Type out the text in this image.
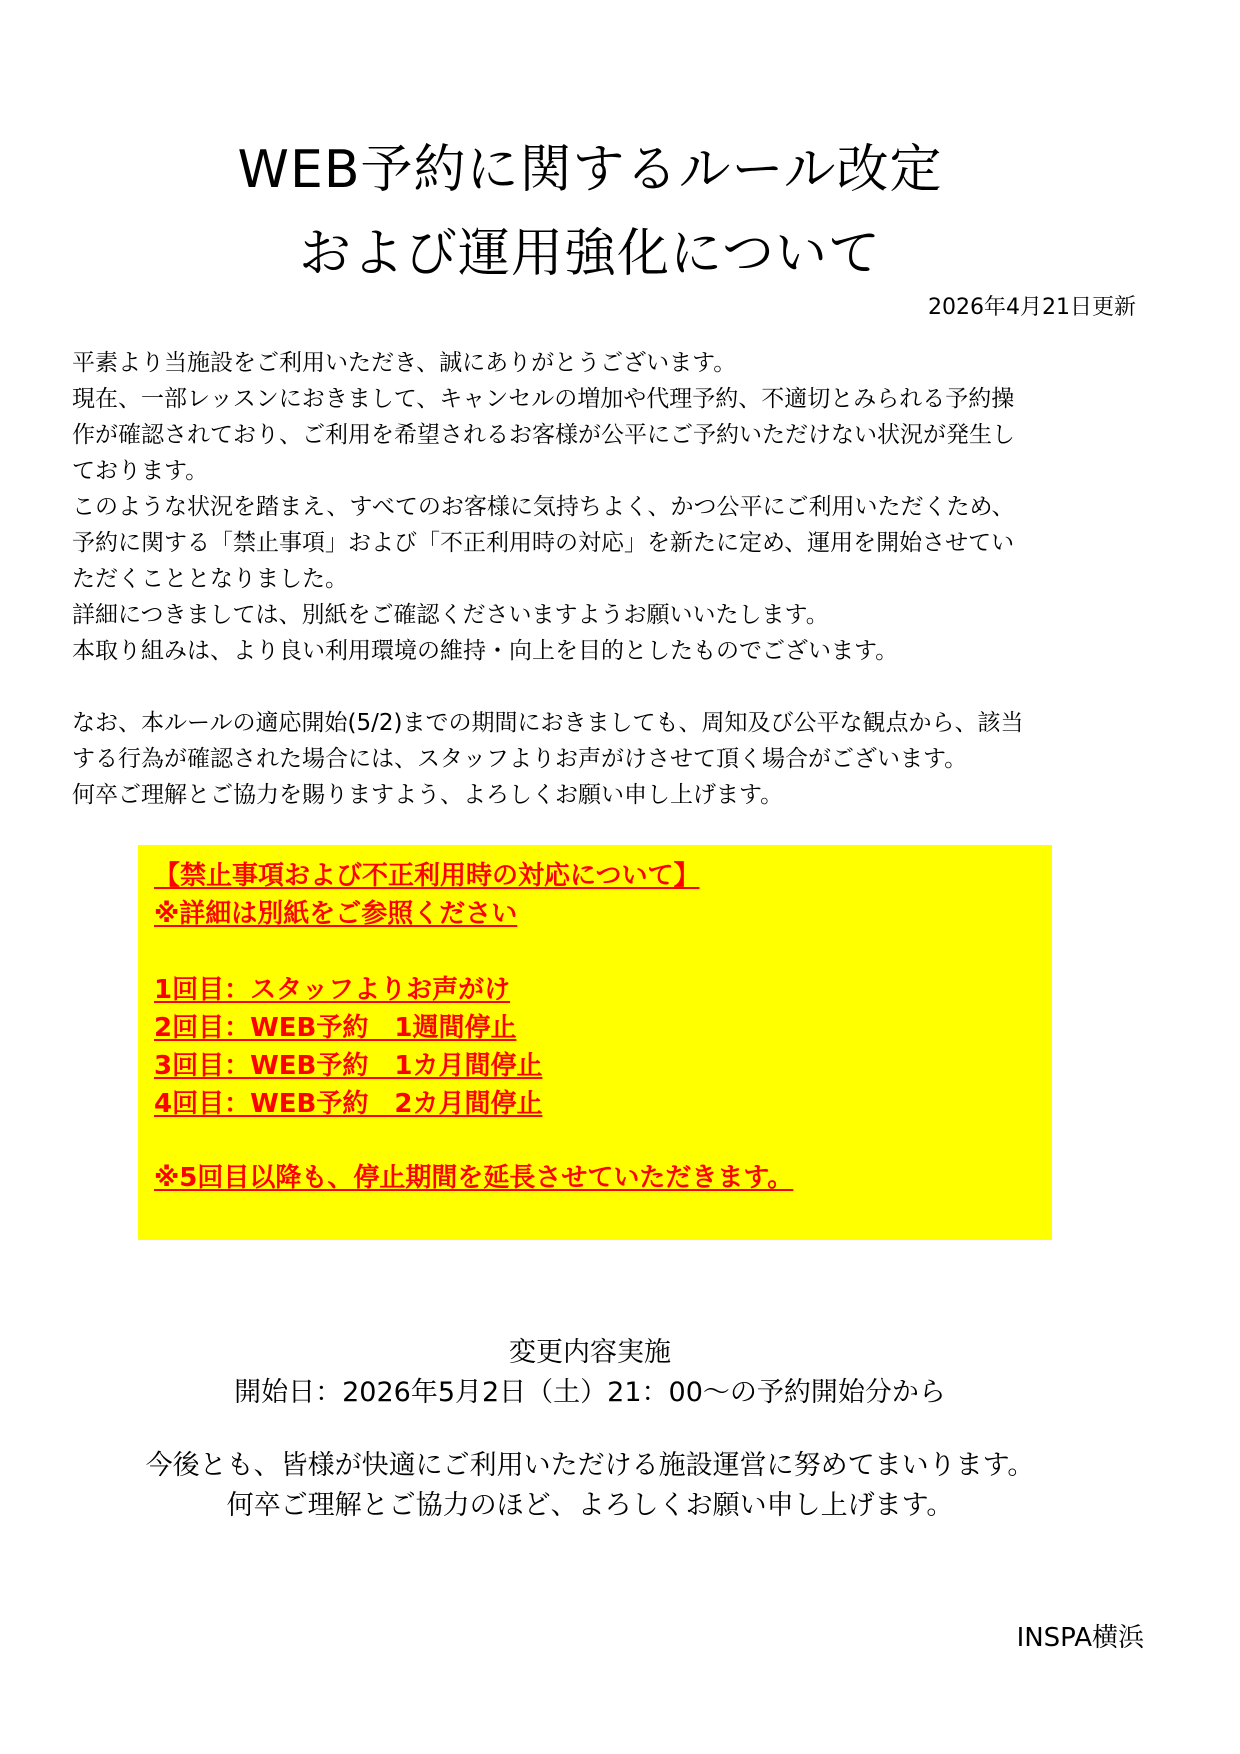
WEB予約に関するルール改定
および運用強化について
2026年4月21日更新
平素より当施設をご利用いただき、誠にありがとうございます。
現在、一部レッスンにおきまして、キャンセルの増加や代理予約、不適切とみられる予約操
作が確認されており、ご利用を希望されるお客様が公平にご予約いただけない状況が発生し
ております。
このような状況を踏まえ、すべてのお客様に気持ちよく、かつ公平にご利用いただくため、
予約に関する「禁止事項」および「不正利用時の対応」を新たに定め、運用を開始させてい
ただくこととなりました。
詳細につきましては、別紙をご確認くださいますようお願いいたします。
本取り組みは、より良い利用環境の維持・向上を目的としたものでございます。
なお、本ルールの適応開始(5/2)までの期間におきましても、周知及び公平な観点から、該当
する行為が確認された場合には、スタッフよりお声がけさせて頂く場合がございます。
何卒ご理解とご協力を賜りますよう、よろしくお願い申し上げます。
【禁止事項および不正利用時の対応について】
※詳細は別紙をご参照ください
1回目：スタッフよりお声がけ
2回目：WEB予約　1週間停止
3回目：WEB予約　1カ月間停止
4回目：WEB予約　2カ月間停止
※5回目以降も、停止期間を延長させていただきます。
変更内容実施
開始日：2026年5月2日（土）21：00～の予約開始分から
今後とも、皆様が快適にご利用いただける施設運営に努めてまいります。
何卒ご理解とご協力のほど、よろしくお願い申し上げます。
INSPA横浜
